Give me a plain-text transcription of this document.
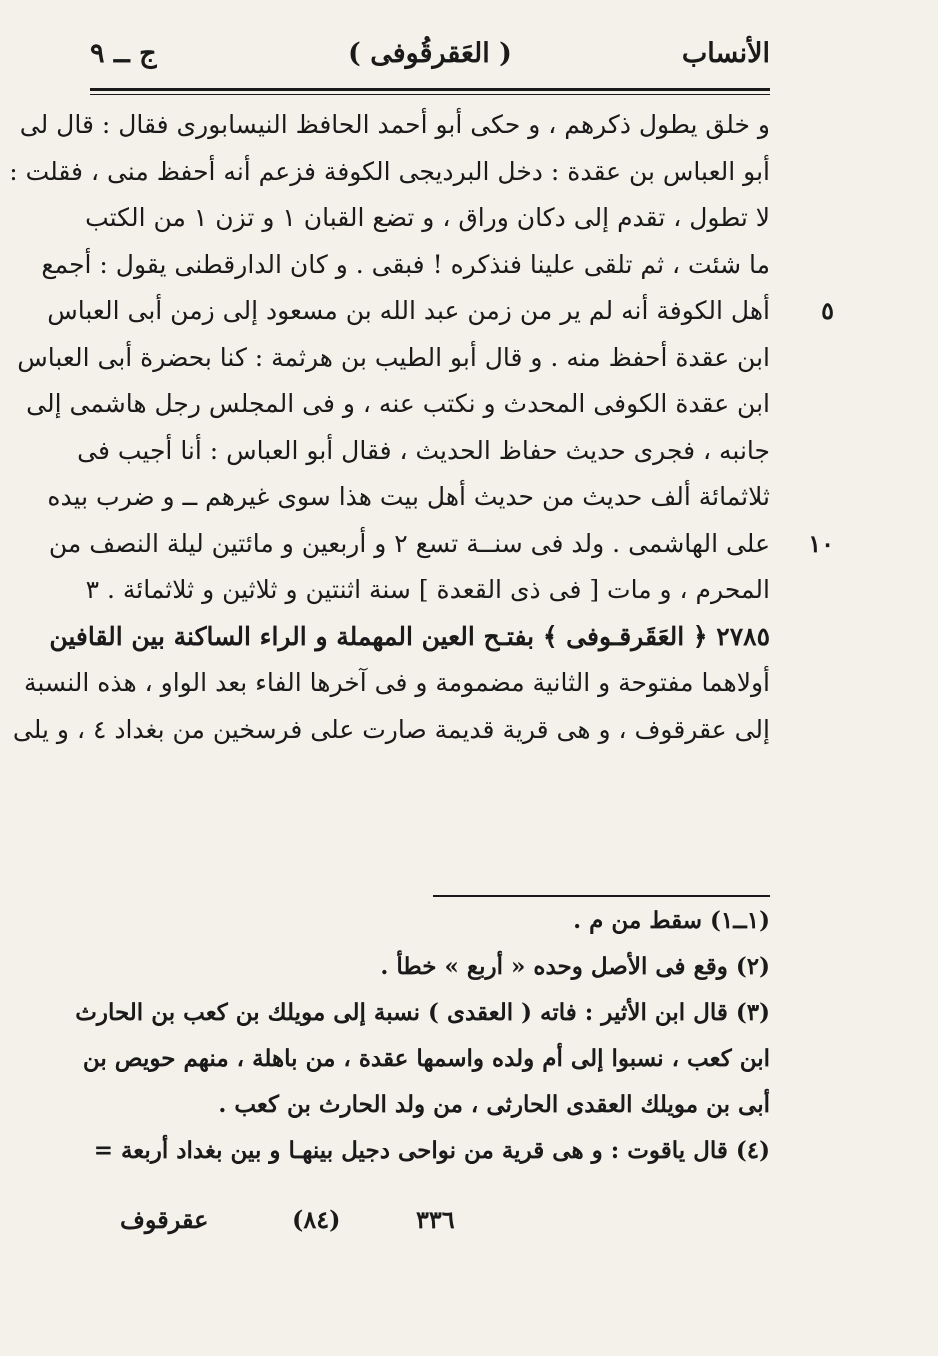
الأنساب
( العَقرقُوفى )
ج ــ ٩
و خلق يطول ذكرهم ، و حكى أبو أحمد الحافظ النيسابورى فقال : قال لى
أبو العباس بن عقدة : دخل البرديجى الكوفة فزعم أنه أحفظ منى ، فقلت :
لا تطول ، تقدم إلى دكان وراق ، و تضع القبان ١ و تزن ١ من الكتب
ما شئت ، ثم تلقى علينا فنذكره ! فبقى . و كان الدارقطنى يقول : أجمع
أهل الكوفة أنه لم ير من زمن عبد الله بن مسعود إلى زمن أبى العباس	٥
ابن عقدة أحفظ منه . و قال أبو الطيب بن هرثمة : كنا بحضرة أبى العباس
ابن عقدة الكوفى المحدث و نكتب عنه ، و فى المجلس رجل هاشمى إلى
جانبه ، فجرى حديث حفاظ الحديث ، فقال أبو العباس : أنا أجيب فى
ثلاثمائة ألف حديث من حديث أهل بيت هذا سوى غيرهم ــ و ضرب بيده
على الهاشمى . ولد فى سنــة تسع ٢ و أربعين و مائتين ليلة النصف من	١٠
المحرم ، و مات [ فى ذى القعدة ] سنة اثنتين و ثلاثين و ثلاثمائة . ٣
٢٧٨٥ ﴿ العَقَرقـوفى ﴾ بفتـح العين المهملة و الراء الساكنة بين القافين
أولاهما مفتوحة و الثانية مضمومة و فى آخرها الفاء بعد الواو ، هذه النسبة
إلى عقرقوف ، و هى قرية قديمة صارت على فرسخين من بغداد ٤ ، و يلى
(١ــ١) سقط من م .
(٢) وقع فى الأصل وحده « أربع » خطأ .
(٣) قال ابن الأثير : فاته ( العقدى ) نسبة إلى مويلك بن كعب بن الحارث
ابن كعب ، نسبوا إلى أم ولده واسمها عقدة ، من باهلة ، منهم حويص بن
أبى بن مويلك العقدى الحارثى ، من ولد الحارث بن كعب .
(٤) قال ياقوت : و هى قرية من نواحى دجيل بينهـا و بين بغداد أربعة =
٣٣٦
(٨٤)
عقرقوف
